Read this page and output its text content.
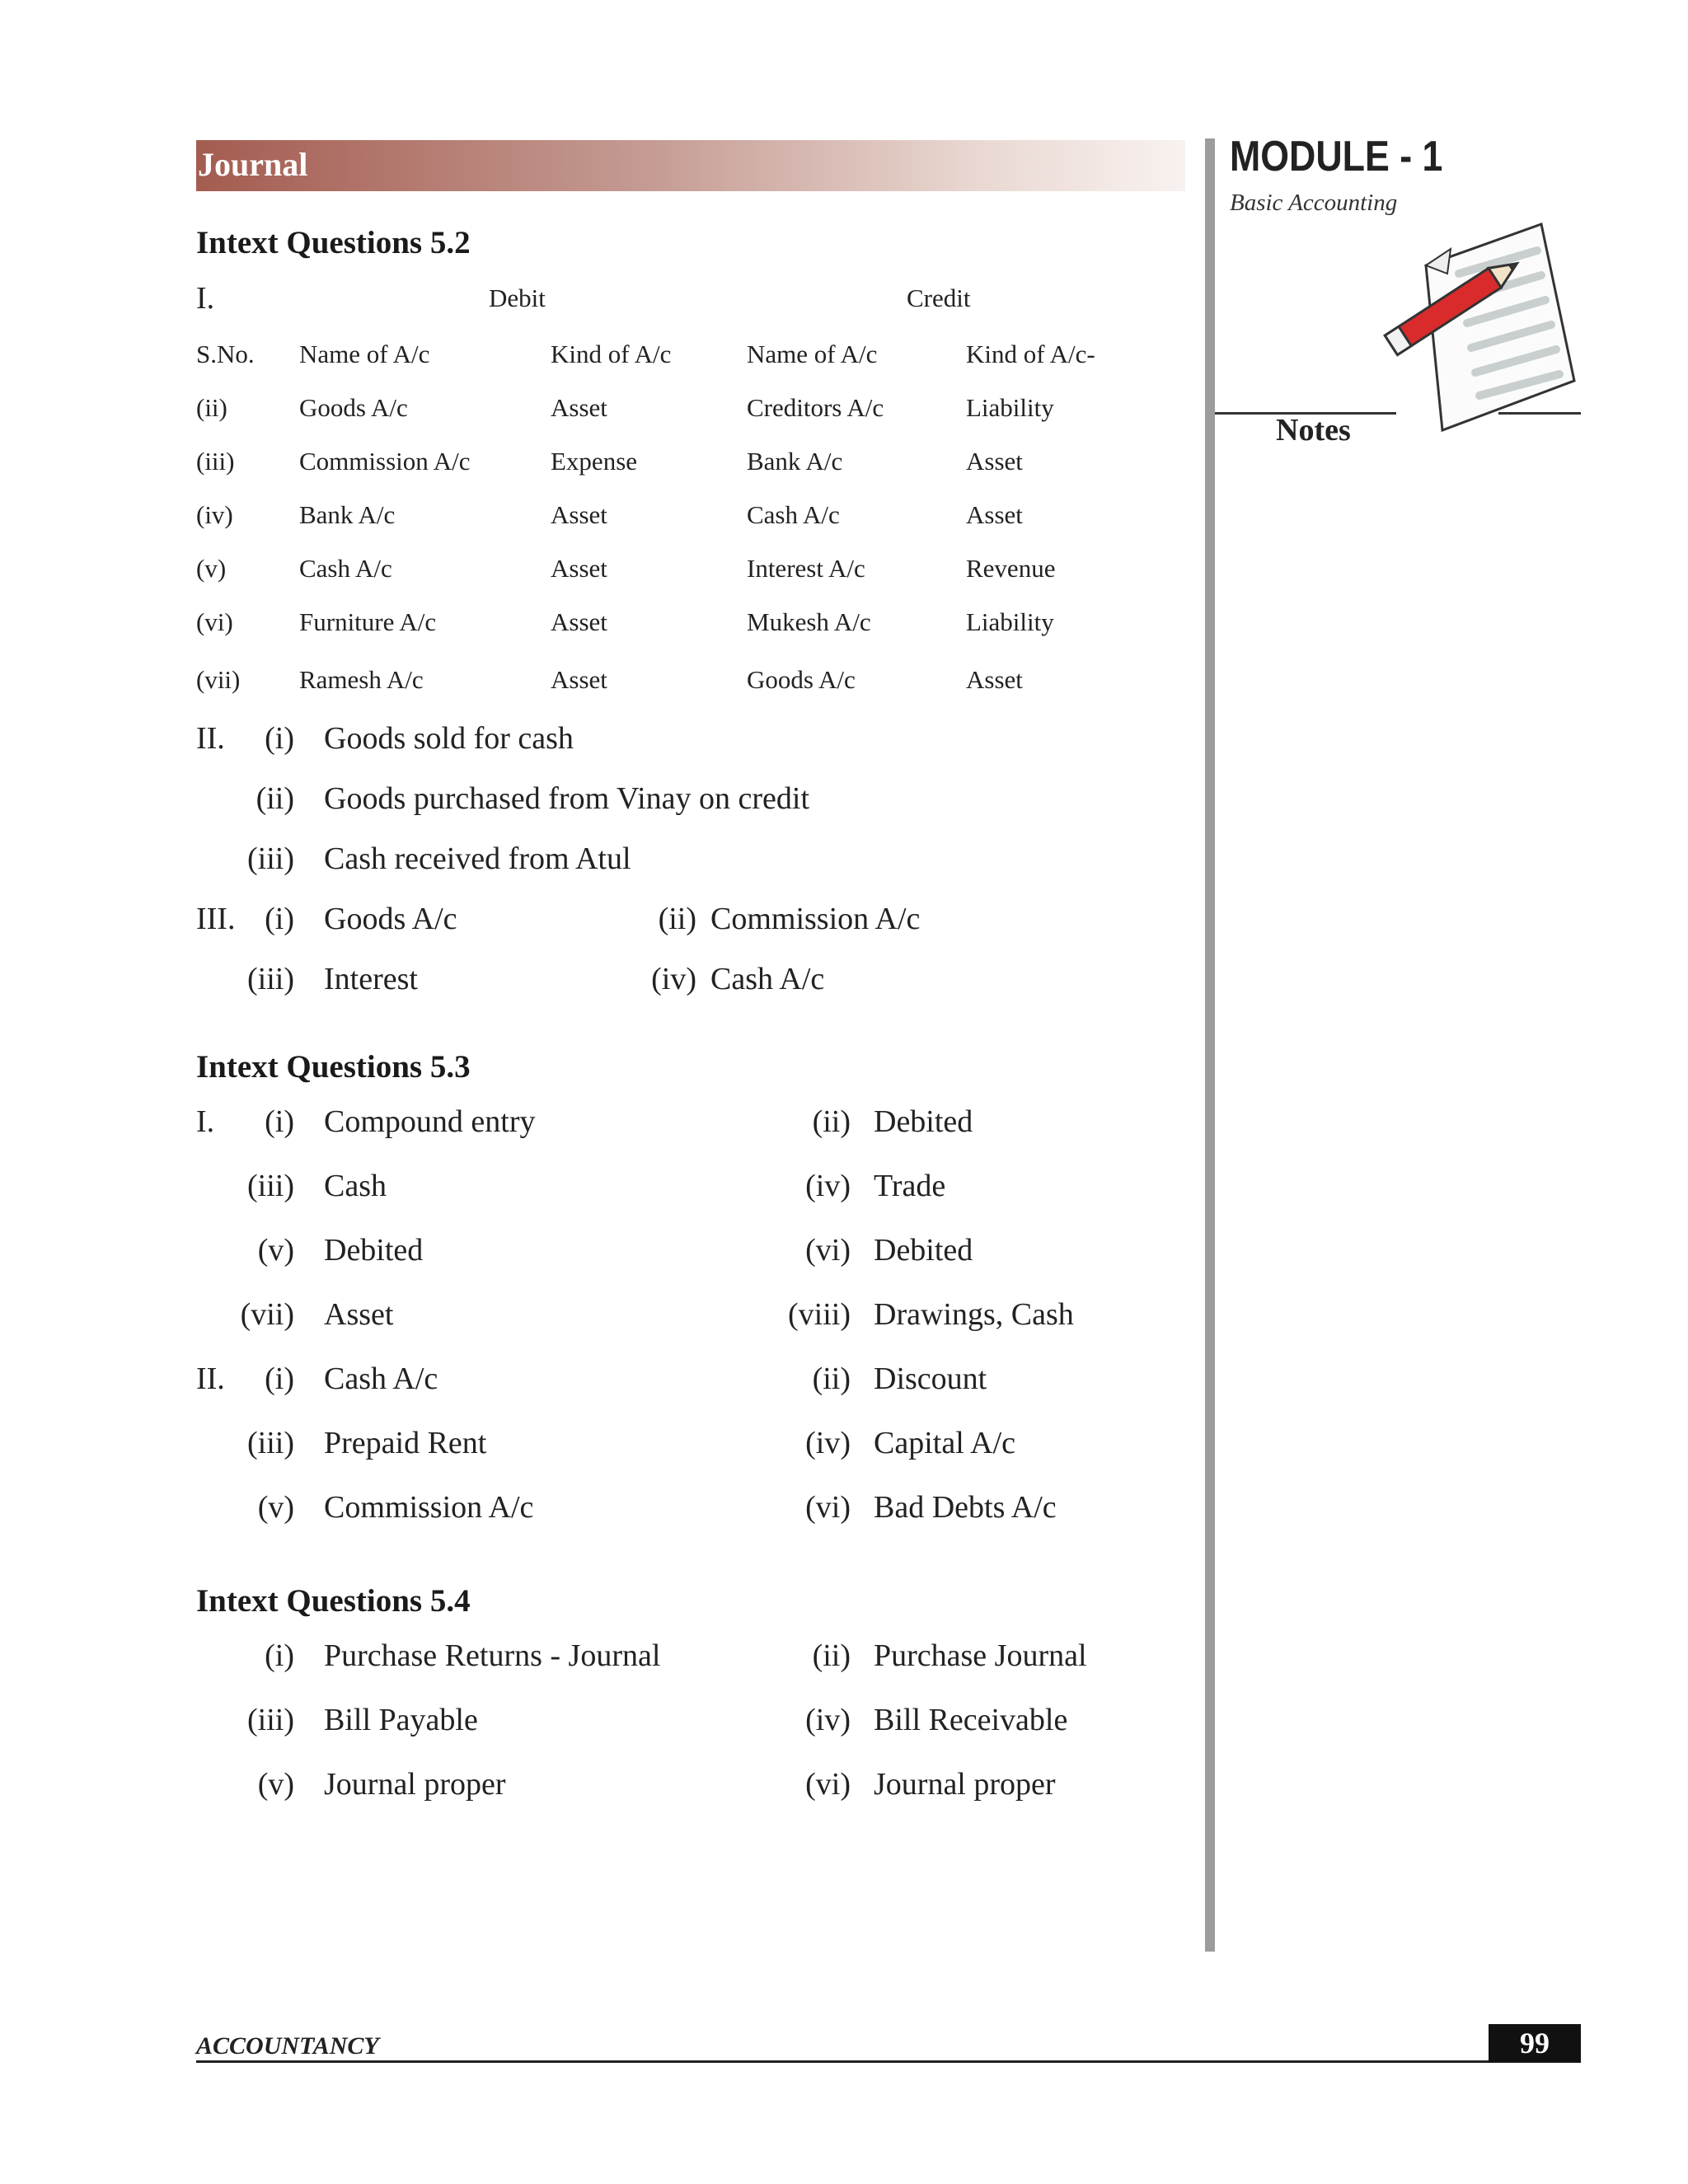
Journal	MODULE - 1
Basic Accounting
Notes
Intext Questions 5.2
I.	Debit	Credit
S.No. Name of A/c	Kind of A/c	Name of A/c	Kind of A/c-
(ii)	Goods A/c	Asset	Creditors A/c	Liability
(iii)	Commission A/c	Expense	Bank A/c	Asset
(iv)	Bank A/c	Asset	Cash A/c	Asset
(v)	Cash A/c	Asset	Interest A/c	Revenue
(vi)	Furniture A/c	Asset	Mukesh A/c	Liability
(vii) Ramesh A/c	Asset	Goods A/c	Asset
II.	(i) Goods sold for cash
(ii) Goods purchased from Vinay on credit
(iii) Cash received from Atul
III. (i) Goods A/c	(ii) Commission A/c
(iii) Interest	(iv) Cash A/c
Intext Questions 5.3
I.	(i) Compound entry	(ii) Debited
(iii) Cash	(iv) Trade
(v) Debited	(vi) Debited
(vii) Asset	(viii) Drawings, Cash
II.	(i) Cash A/c	(ii) Discount
(iii) Prepaid Rent	(iv) Capital A/c
(v) Commission A/c	(vi) Bad Debts A/c
Intext Questions 5.4
(i) Purchase Returns - Journal	(ii) Purchase Journal
(iii) Bill Payable	(iv) Bill Receivable
(v) Journal proper	(vi) Journal proper
ACCOUNTANCY	99
